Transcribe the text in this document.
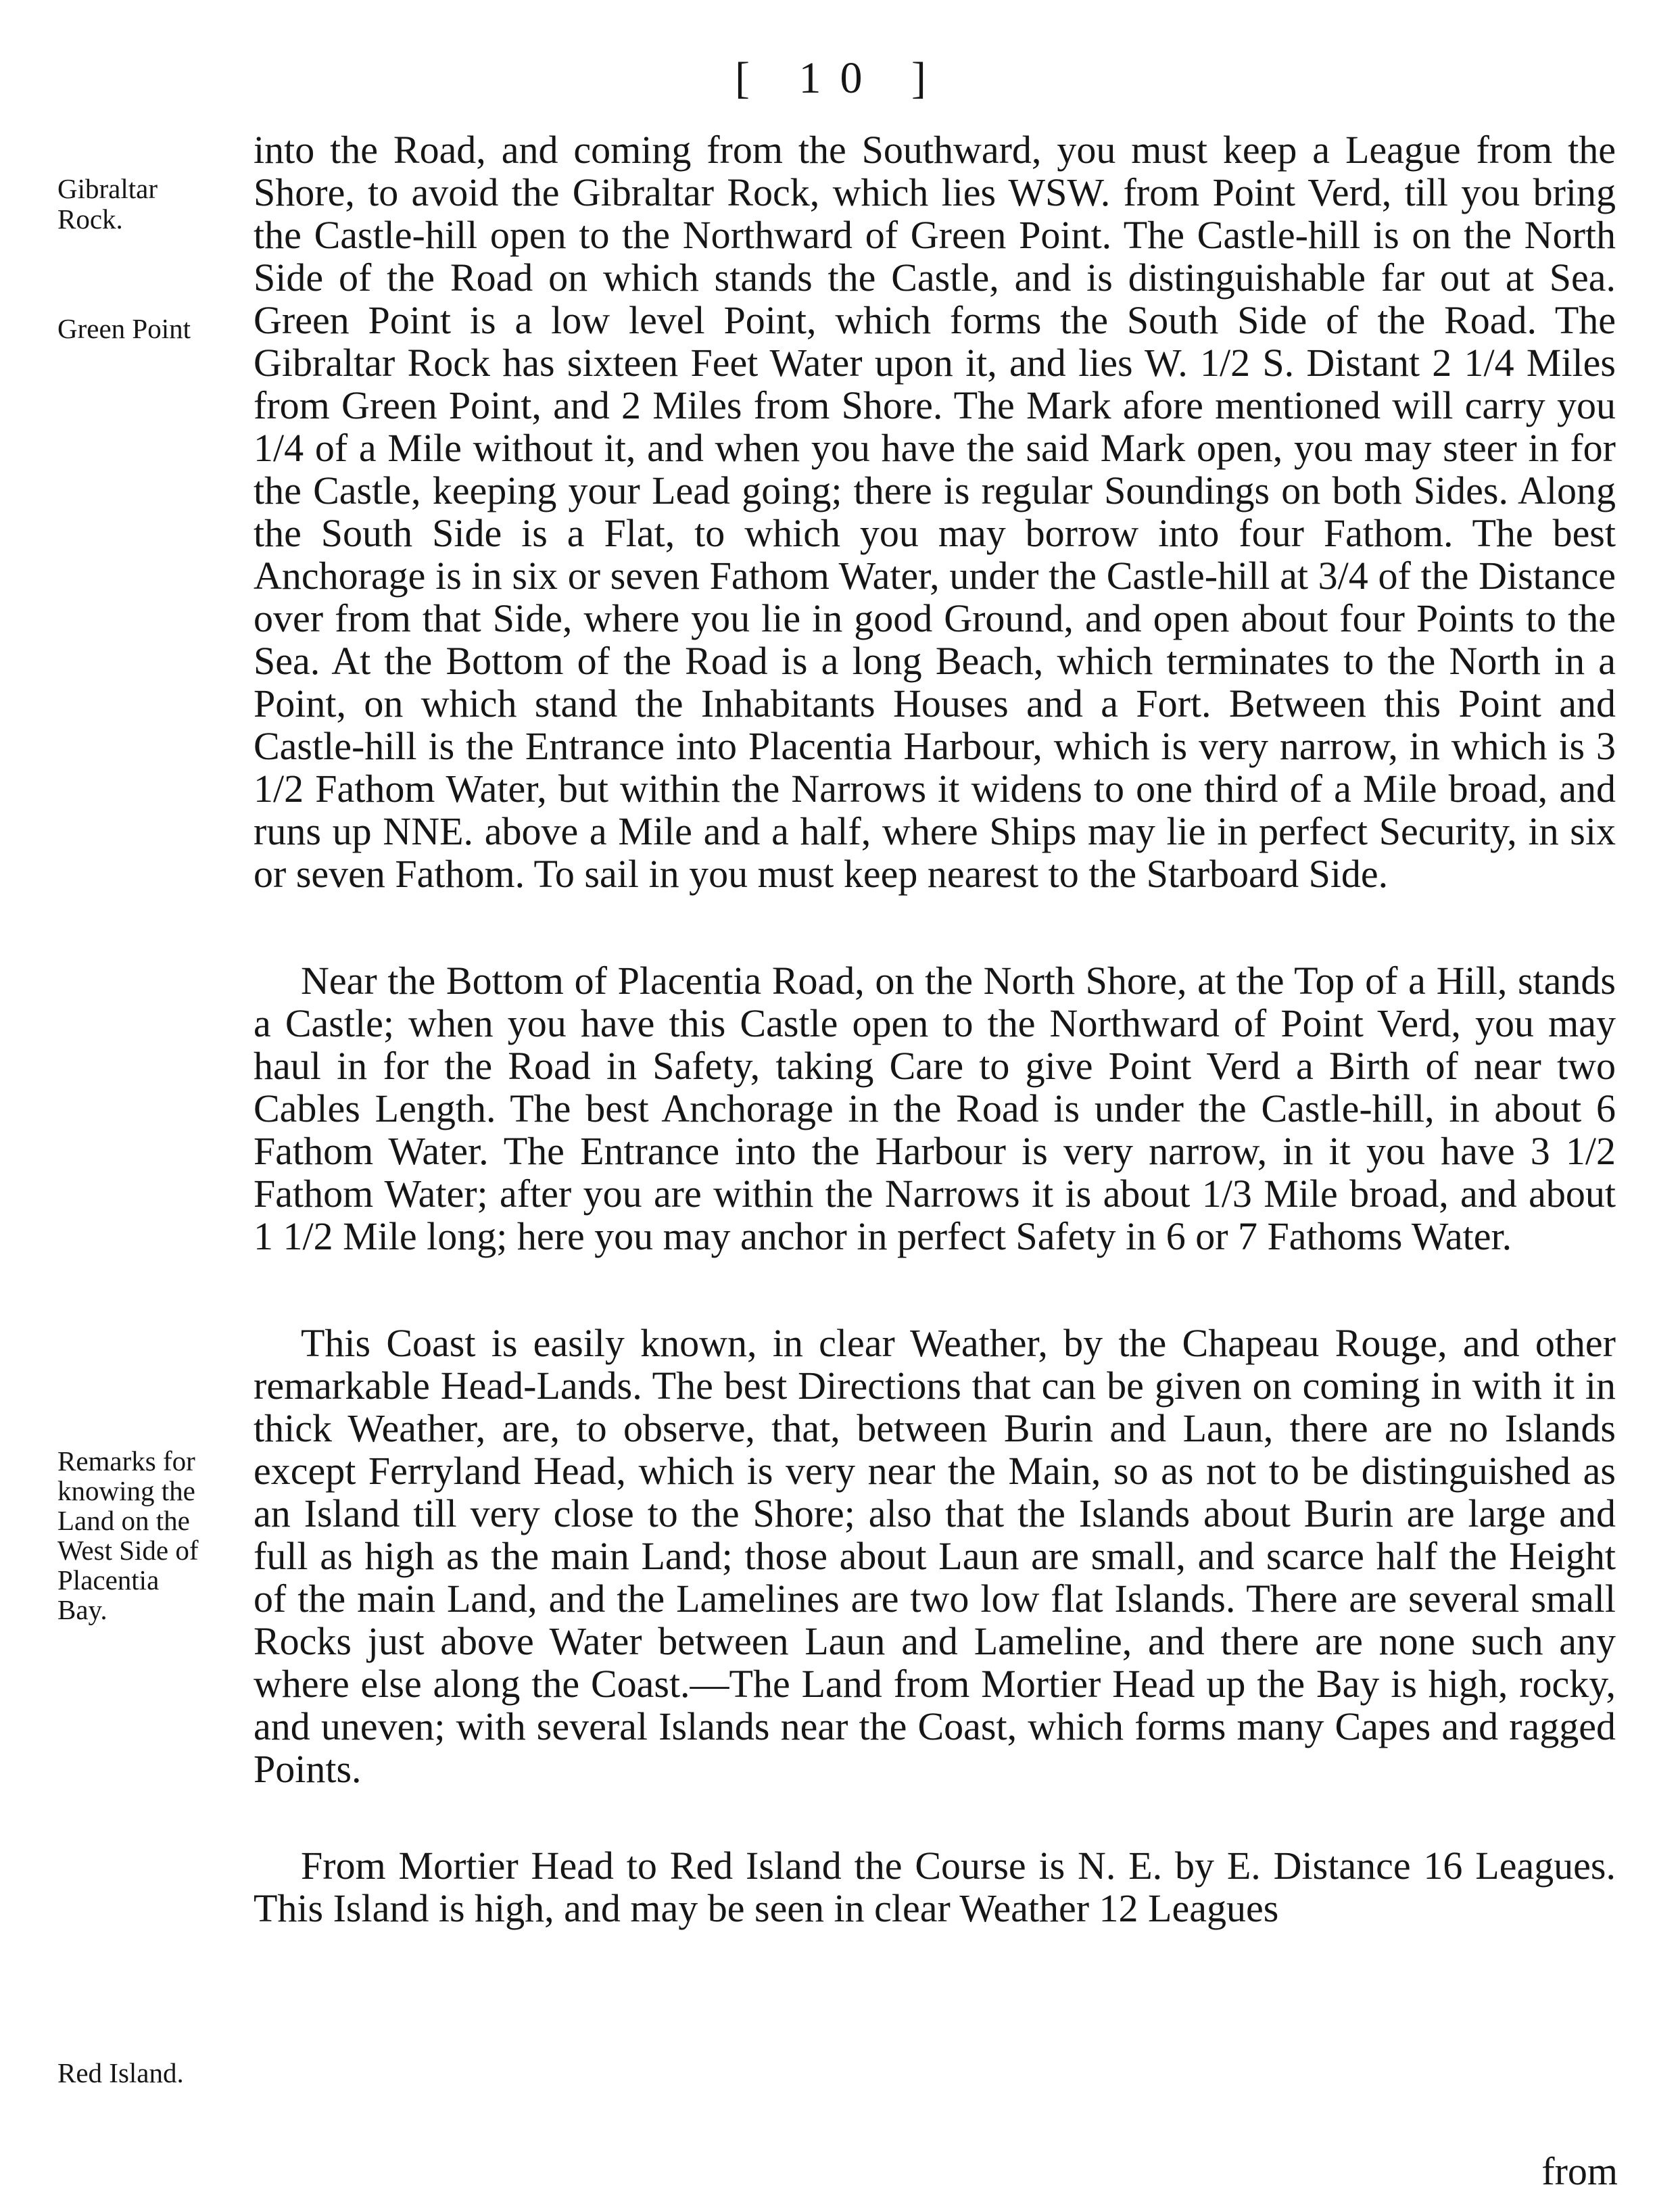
[ 10 ]
Gibraltar
Rock.
Green Point
Remarks for
knowing the
Land on the
West Side of
Placentia
Bay.
Red Island.

into the Road, and coming from the Southward, you must keep a League from the Shore, to avoid the Gibraltar Rock, which lies WSW. from Point Verd, till you bring the Castle-hill open to the Northward of Green Point. The Castle-hill is on the North Side of the Road on which stands the Castle, and is distinguishable far out at Sea. Green Point is a low level Point, which forms the South Side of the Road. The Gibraltar Rock has sixteen Feet Water upon it, and lies W. 1/2 S. Distant 2 1/4 Miles from Green Point, and 2 Miles from Shore. The Mark afore mentioned will carry you 1/4 of a Mile without it, and when you have the said Mark open, you may steer in for the Castle, keeping your Lead going; there is regular Soundings on both Sides. Along the South Side is a Flat, to which you may borrow into four Fathom. The best Anchorage is in six or seven Fathom Water, under the Castle-hill at 3/4 of the Distance over from that Side, where you lie in good Ground, and open about four Points to the Sea. At the Bottom of the Road is a long Beach, which terminates to the North in a Point, on which stand the Inhabitants Houses and a Fort. Between this Point and Castle-hill is the Entrance into Placentia Harbour, which is very narrow, in which is 3 1/2 Fathom Water, but within the Narrows it widens to one third of a Mile broad, and runs up NNE. above a Mile and a half, where Ships may lie in perfect Security, in six or seven Fathom. To sail in you must keep nearest to the Starboard Side.

Near the Bottom of Placentia Road, on the North Shore, at the Top of a Hill, stands a Castle; when you have this Castle open to the Northward of Point Verd, you may haul in for the Road in Safety, taking Care to give Point Verd a Birth of near two Cables Length. The best Anchorage in the Road is under the Castle-hill, in about 6 Fathom Water. The Entrance into the Harbour is very narrow, in it you have 3 1/2 Fathom Water; after you are within the Narrows it is about 1/3 Mile broad, and about 1 1/2 Mile long; here you may anchor in perfect Safety in 6 or 7 Fathoms Water.

This Coast is easily known, in clear Weather, by the Chapeau Rouge, and other remarkable Head-Lands. The best Directions that can be given on coming in with it in thick Weather, are, to observe, that, between Burin and Laun, there are no Islands except Ferryland Head, which is very near the Main, so as not to be distinguished as an Island till very close to the Shore; also that the Islands about Burin are large and full as high as the main Land; those about Laun are small, and scarce half the Height of the main Land, and the Lamelines are two low flat Islands. There are several small Rocks just above Water between Laun and Lameline, and there are none such any where else along the Coast.—The Land from Mortier Head up the Bay is high, rocky, and uneven; with several Islands near the Coast, which forms many Capes and ragged Points.

From Mortier Head to Red Island the Course is N. E. by E. Distance 16 Leagues. This Island is high, and may be seen in clear Weather 12 Leagues

from
